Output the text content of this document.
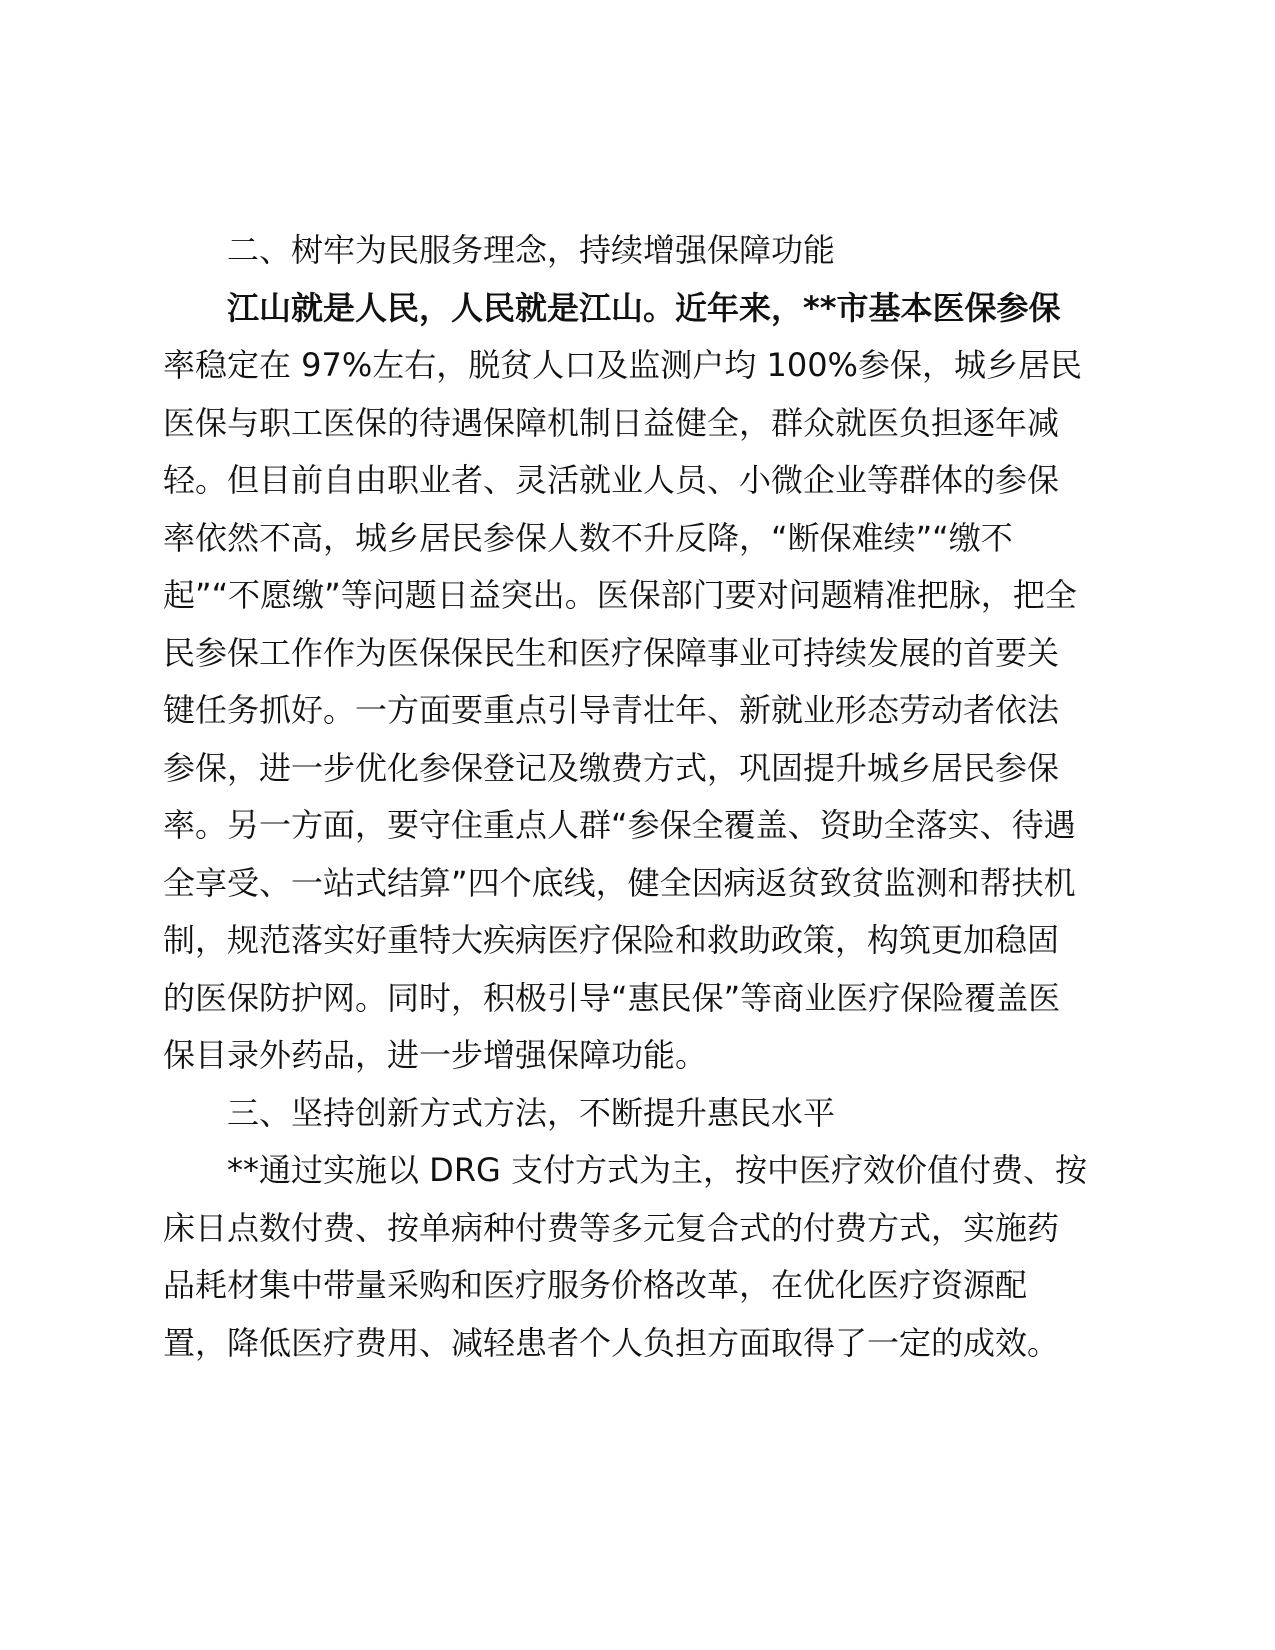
二、树牢为民服务理念，持续增强保障功能
江山就是人民，人民就是江山。近年来，**市基本医保参保
率稳定在 97%左右，脱贫人口及监测户均 100%参保，城乡居民
医保与职工医保的待遇保障机制日益健全，群众就医负担逐年减
轻。但目前自由职业者、灵活就业人员、小微企业等群体的参保
率依然不高，城乡居民参保人数不升反降，“断保难续”“缴不
起”“不愿缴”等问题日益突出。医保部门要对问题精准把脉，把全
民参保工作作为医保保民生和医疗保障事业可持续发展的首要关
键任务抓好。一方面要重点引导青壮年、新就业形态劳动者依法
参保，进一步优化参保登记及缴费方式，巩固提升城乡居民参保
率。另一方面，要守住重点人群“参保全覆盖、资助全落实、待遇
全享受、一站式结算”四个底线，健全因病返贫致贫监测和帮扶机
制，规范落实好重特大疾病医疗保险和救助政策，构筑更加稳固
的医保防护网。同时，积极引导“惠民保”等商业医疗保险覆盖医
保目录外药品，进一步增强保障功能。
三、坚持创新方式方法，不断提升惠民水平
**通过实施以 DRG 支付方式为主，按中医疗效价值付费、按
床日点数付费、按单病种付费等多元复合式的付费方式，实施药
品耗材集中带量采购和医疗服务价格改革，在优化医疗资源配
置，降低医疗费用、减轻患者个人负担方面取得了一定的成效。
